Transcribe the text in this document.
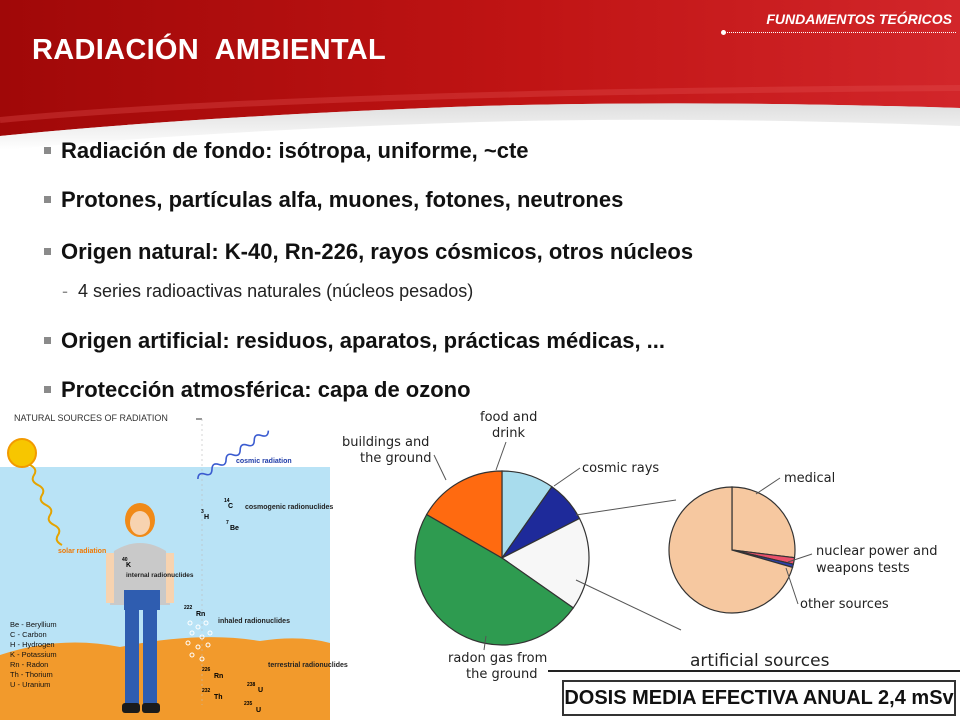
FUNDAMENTOS TEÓRICOS
RADIACIÓN  AMBIENTAL
Radiación de fondo: isótropa, uniforme, ~cte
Protones, partículas alfa, muones, fotones, neutrones
Origen natural: K-40, Rn-226, rayos cósmicos, otros núcleos
- 4 series radioactivas naturales (núcleos pesados)
Origen artificial: residuos, aparatos, prácticas médicas, ...
Protección atmosférica: capa de ozono
NATURAL SOURCES OF RADIATION
solar radiation
cosmic radiation
14
C
3
H
7
Be
cosmogenic radionuclides
40
K
internal radionuclides
222
Rn
inhaled radionuclides
226
Rn
232
Th
238
U
235
U
terrestrial radionuclides
Be - Beryllium
C - Carbon
H - Hydrogen
K - Potassium
Rn - Radon
Th - Thorium
U - Uranium
food and
drink
buildings and
the ground
cosmic rays
radon gas from
the ground
medical
nuclear power and
weapons tests
other sources
artificial sources
DOSIS MEDIA EFECTIVA ANUAL 2,4 mSv
